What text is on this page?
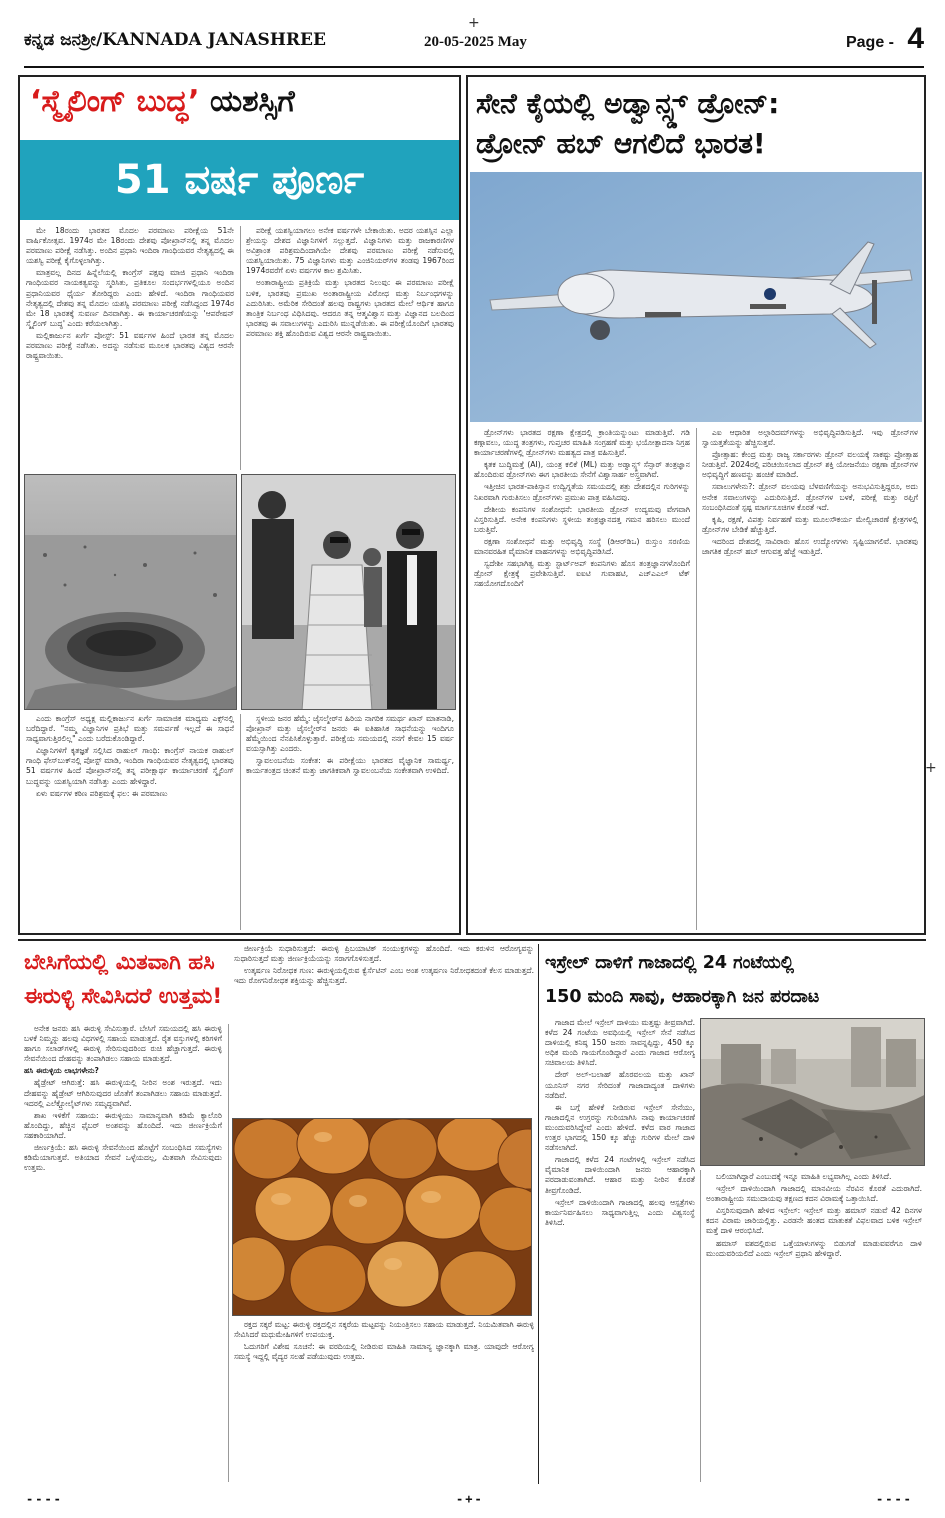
+
+
ಕನ್ನಡ ಜನಶ್ರೀ/KANNADA JANASHREE	20-05-2025 May	Page - 4
‘ಸ್ಮೈಲಿಂಗ್ ಬುದ್ಧ’ ಯಶಸ್ಸಿಗೆ
51 ವರ್ಷ ಪೂರ್ಣ

ಮೇ 18ರಂದು ಭಾರತದ ಮೊದಲ ಪರಮಾಣು ಪರೀಕ್ಷೆಯ 51ನೇ ವಾರ್ಷಿಕೋತ್ಸವ. 1974ರ ಮೇ 18ರಂದು ದೇಶವು ಪೋಖ್ರಾನ್‌ನಲ್ಲಿ ತನ್ನ ಮೊದಲ ಪರಮಾಣು ಪರೀಕ್ಷೆ ನಡೆಸಿತ್ತು. ಅಂದಿನ ಪ್ರಧಾನಿ ಇಂದಿರಾ ಗಾಂಧಿಯವರ ನೇತೃತ್ವದಲ್ಲಿ ಈ ಯಶಸ್ವಿ ಪರೀಕ್ಷೆ ಕೈಗೊಳ್ಳಲಾಗಿತ್ತು.

ಮಾತ್ರವಲ್ಲ ದಿನದ ಹಿನ್ನೆಲೆಯಲ್ಲಿ ಕಾಂಗ್ರೆಸ್ ಪಕ್ಷವು ಮಾಜಿ ಪ್ರಧಾನಿ ಇಂದಿರಾ ಗಾಂಧಿಯವರ ನಾಯಕತ್ವವನ್ನು ಸ್ಮರಿಸಿತು, ಪ್ರತಿಕೂಲ ಸಂದರ್ಭಗಳಲ್ಲಿಯೂ ಅಂದಿನ ಪ್ರಧಾನಿಯವರ ಧೈರ್ಯ ತೋರಿದ್ದರು ಎಂದು ಹೇಳಿದೆ. ಇಂದಿರಾ ಗಾಂಧಿಯವರ ನೇತೃತ್ವದಲ್ಲಿ ದೇಶವು ತನ್ನ ಮೊದಲ ಯಶಸ್ವಿ ಪರಮಾಣು ಪರೀಕ್ಷೆ ನಡೆಸಿದ್ದಂದ 1974ರ ಮೇ 18 ಭಾರತಕ್ಕೆ ಸುವರ್ಣ ದಿನವಾಗಿತ್ತು. ಈ ಕಾರ್ಯಾಚರಣೆಯನ್ನು 'ಆಪರೇಷನ್ ಸ್ಮೈಲಿಂಗ್ ಬುದ್ಧ' ಎಂದು ಕರೆಯಲಾಗಿತ್ತು.

ಮಲ್ಲಿಕಾರ್ಜುನ ಖರ್ಗೆ ಪೋಸ್ಟ್: 51 ವರ್ಷಗಳ ಹಿಂದೆ ಭಾರತ ತನ್ನ ಮೊದಲ ಪರಮಾಣು ಪರೀಕ್ಷೆ ನಡೆಸಿತು. ಅದನ್ನು ನಡೆಸುವ ಮೂಲಕ ಭಾರತವು ವಿಶ್ವದ ಆರನೇ ರಾಷ್ಟ್ರವಾಯಿತು.

ಪರೀಕ್ಷೆ ಯಶಸ್ವಿಯಾಗಲು ಅನೇಕ ವರ್ಷಗಳೇ ಬೇಕಾಯಿತು. ಅದರ ಯಶಸ್ಸಿನ ಎಲ್ಲಾ ಶ್ರೇಯಸ್ಸು ದೇಶದ ವಿಜ್ಞಾನಿಗಳಿಗೆ ಸಲ್ಲುತ್ತದೆ. ವಿಜ್ಞಾನಿಗಳು ಮತ್ತು ರಾಜಕಾರಣಿಗಳ ಅವಿಶ್ರಾಂತ ಪರಿಶ್ರಮದಿಂದಾಗಿಯೇ ದೇಶವು ಪರಮಾಣು ಪರೀಕ್ಷೆ ನಡೆಸುವಲ್ಲಿ ಯಶಸ್ವಿಯಾಯಿತು. 75 ವಿಜ್ಞಾನಿಗಳು ಮತ್ತು ಎಂಜಿನಿಯರ್‌ಗಳ ತಂಡವು 1967ರಿಂದ 1974ರವರೆಗೆ ಏಳು ವರ್ಷಗಳ ಕಾಲ ಶ್ರಮಿಸಿತು.

ಅಂತಾರಾಷ್ಟ್ರೀಯ ಪ್ರತಿಕ್ರಿಯೆ ಮತ್ತು ಭಾರತದ ನಿಲುವು: ಈ ಪರಮಾಣು ಪರೀಕ್ಷೆ ಬಳಿಕ, ಭಾರತವು ಪ್ರಮುಖ ಅಂತಾರಾಷ್ಟ್ರೀಯ ವಿರೋಧ ಮತ್ತು ನಿರ್ಬಂಧಗಳನ್ನು ಎದುರಿಸಿತು. ಅಮೆರಿಕ ಸೇರಿದಂತೆ ಹಲವು ರಾಷ್ಟ್ರಗಳು ಭಾರತದ ಮೇಲೆ ಆರ್ಥಿಕ ಹಾಗೂ ತಾಂತ್ರಿಕ ನಿರ್ಬಂಧ ವಿಧಿಸಿದವು. ಆದರೂ ತನ್ನ ಆತ್ಮವಿಶ್ವಾಸ ಮತ್ತು ವಿಜ್ಞಾನದ ಬಲದಿಂದ ಭಾರತವು ಈ ಸವಾಲುಗಳನ್ನು ಎದುರಿಸಿ ಮುನ್ನಡೆಯಿತು. ಈ ಪರೀಕ್ಷೆಯೊಂದಿಗೆ ಭಾರತವು ಪರಮಾಣು ಶಕ್ತಿ ಹೊಂದಿರುವ ವಿಶ್ವದ ಆರನೇ ರಾಷ್ಟ್ರವಾಯಿತು.

ಎಂದು ಕಾಂಗ್ರೆಸ್ ಅಧ್ಯಕ್ಷ ಮಲ್ಲಿಕಾರ್ಜುನ ಖರ್ಗೆ ಸಾಮಾಜಿಕ ಮಾಧ್ಯಮ ಎಕ್ಸ್‌ನಲ್ಲಿ ಬರೆದಿದ್ದಾರೆ. "ನಮ್ಮ ವಿಜ್ಞಾನಿಗಳ ಪ್ರತಿಭೆ ಮತ್ತು ಸಮರ್ಪಣೆ ಇಲ್ಲದೆ ಈ ಸಾಧನೆ ಸಾಧ್ಯವಾಗುತ್ತಿರಲಿಲ್ಲ" ಎಂದು ಬರೆದುಕೊಂಡಿದ್ದಾರೆ.

ವಿಜ್ಞಾನಿಗಳಿಗೆ ಕೃತಜ್ಞತೆ ಸಲ್ಲಿಸಿದ ರಾಹುಲ್ ಗಾಂಧಿ: ಕಾಂಗ್ರೆಸ್ ನಾಯಕ ರಾಹುಲ್ ಗಾಂಧಿ ಫೇಸ್‌ಬುಕ್‌ನಲ್ಲಿ ಪೋಸ್ಟ್ ಮಾಡಿ, ಇಂದಿರಾ ಗಾಂಧಿಯವರ ನೇತೃತ್ವದಲ್ಲಿ ಭಾರತವು 51 ವರ್ಷಗಳ ಹಿಂದೆ ಪೋಖ್ರಾನ್‌ನಲ್ಲಿ ತನ್ನ ಪರೀಕ್ಷಾರ್ಥ ಕಾರ್ಯಾಚರಣೆ ಸ್ಮೈಲಿಂಗ್ ಬುದ್ಧವನ್ನು ಯಶಸ್ವಿಯಾಗಿ ನಡೆಸಿತ್ತು ಎಂದು ಹೇಳಿದ್ದಾರೆ.

ಏಳು ವರ್ಷಗಳ ಕಠಿಣ ಪರಿಶ್ರಮಕ್ಕೆ ಫಲ: ಈ ಪರಮಾಣು

ಸ್ಥಳೀಯ ಜನರ ಹೆಮ್ಮೆ: ಜೈಸಲ್ಮೇರ್‌ನ ಹಿರಿಯ ನಾಗರಿಕ ಸಮರ್ಥ ಖಾನ್ ಮಾತನಾಡಿ, ಪೋಖ್ರಾನ್ ಮತ್ತು ಜೈಸಲ್ಮೇರ್‌ನ ಜನರು ಈ ಐತಿಹಾಸಿಕ ಸಾಧನೆಯನ್ನು ಇಂದಿಗೂ ಹೆಮ್ಮೆಯಿಂದ ನೆನಪಿಸಿಕೊಳ್ಳುತ್ತಾರೆ. ಪರೀಕ್ಷೆಯ ಸಮಯದಲ್ಲಿ ನನಗೆ ಕೇವಲ 15 ವರ್ಷ ವಯಸ್ಸಾಗಿತ್ತು ಎಂದರು.

ಸ್ವಾವಲಂಬನೆಯ ಸಂಕೇತ: ಈ ಪರೀಕ್ಷೆಯು ಭಾರತದ ವೈಜ್ಞಾನಿಕ ಸಾಮರ್ಥ್ಯ, ಕಾರ್ಯತಂತ್ರದ ಚಿಂತನೆ ಮತ್ತು ಜಾಗತಿಕವಾಗಿ ಸ್ವಾವಲಂಬನೆಯ ಸಂಕೇತವಾಗಿ ಉಳಿದಿದೆ.

ಸೇನೆ ಕೈಯಲ್ಲಿ ಅಡ್ವಾನ್ಸ್ಡ್ ಡ್ರೋನ್:
ಡ್ರೋನ್ ಹಬ್ ಆಗಲಿದೆ ಭಾರತ!

ಡ್ರೋನ್‌ಗಳು ಭಾರತದ ರಕ್ಷಣಾ ಕ್ಷೇತ್ರದಲ್ಲಿ ಕ್ರಾಂತಿಯನ್ನುಂಟು ಮಾಡುತ್ತಿವೆ. ಗಡಿ ಕಣ್ಗಾವಲು, ಯುದ್ಧ ತಂತ್ರಗಳು, ಗುಪ್ತಚರ ಮಾಹಿತಿ ಸಂಗ್ರಹಣೆ ಮತ್ತು ಭಯೋತ್ಪಾದನಾ ನಿಗ್ರಹ ಕಾರ್ಯಾಚರಣೆಗಳಲ್ಲಿ ಡ್ರೋನ್‌ಗಳು ಮಹತ್ವದ ಪಾತ್ರ ವಹಿಸುತ್ತಿವೆ.

ಕೃತಕ ಬುದ್ಧಿಮತ್ತೆ (AI), ಯಂತ್ರ ಕಲಿಕೆ (ML) ಮತ್ತು ಅಡ್ವಾನ್ಸ್ಡ್ ಸೆನ್ಸಾರ್ ತಂತ್ರಜ್ಞಾನ ಹೊಂದಿರುವ ಡ್ರೋನ್‌ಗಳು ಈಗ ಭಾರತೀಯ ಸೇನೆಗೆ ವಿಶ್ವಾಸಾರ್ಹ ಅಸ್ತ್ರವಾಗಿವೆ.

ಇತ್ತೀಚಿನ ಭಾರತ-ಪಾಕಿಸ್ತಾನ ಉದ್ವಿಗ್ನತೆಯ ಸಮಯದಲ್ಲಿ ಶತ್ರು ದೇಶದಲ್ಲಿನ ಗುರಿಗಳನ್ನು ನಿಖರವಾಗಿ ಗುರುತಿಸಲು ಡ್ರೋನ್‌ಗಳು ಪ್ರಮುಖ ಪಾತ್ರ ವಹಿಸಿದವು.

ದೇಶೀಯ ಕಂಪನಿಗಳ ಸಂಶೋಧನೆ: ಭಾರತೀಯ ಡ್ರೋನ್ ಉದ್ಯಮವು ವೇಗವಾಗಿ ವಿಸ್ತರಿಸುತ್ತಿದೆ. ಅನೇಕ ಕಂಪನಿಗಳು ಸ್ಥಳೀಯ ತಂತ್ರಜ್ಞಾನದತ್ತ ಗಮನ ಹರಿಸಲು ಮುಂದೆ ಬರುತ್ತಿವೆ.

ರಕ್ಷಣಾ ಸಂಶೋಧನೆ ಮತ್ತು ಅಭಿವೃದ್ಧಿ ಸಂಸ್ಥೆ (ಡಿಆರ್‌ಡಿಒ) ರುಸ್ತುಂ ಸರಣಿಯ ಮಾನವರಹಿತ ವೈಮಾನಿಕ ವಾಹನಗಳನ್ನು ಅಭಿವೃದ್ಧಿಪಡಿಸಿದೆ.

ಸ್ವದೇಶೀ ಸಹಭಾಗಿತ್ವ ಮತ್ತು ಸ್ಟಾರ್ಟ್‌ಅಪ್ ಕಂಪನಿಗಳು ಹೊಸ ತಂತ್ರಜ್ಞಾನಗಳೊಂದಿಗೆ ಡ್ರೋನ್ ಕ್ಷೇತ್ರಕ್ಕೆ ಪ್ರವೇಶಿಸುತ್ತಿವೆ. ಐಐಟಿ ಗುವಾಹಟಿ, ಎಚ್‌ಎಎಲ್ ಟೆಕ್ ಸಹಯೋಗದೊಂದಿಗೆ

ಎಐ ಆಧಾರಿತ ಅಲ್ಗಾರಿದಮ್‌ಗಳನ್ನು ಅಭಿವೃದ್ಧಿಪಡಿಸುತ್ತಿದೆ. ಇವು ಡ್ರೋನ್‌ಗಳ ಸ್ವಾಯತ್ತತೆಯನ್ನು ಹೆಚ್ಚಿಸುತ್ತವೆ.

ಪ್ರೋತ್ಸಾಹ: ಕೇಂದ್ರ ಮತ್ತು ರಾಜ್ಯ ಸರ್ಕಾರಗಳು ಡ್ರೋನ್ ವಲಯಕ್ಕೆ ಸಾಕಷ್ಟು ಪ್ರೋತ್ಸಾಹ ನೀಡುತ್ತಿವೆ. 2024ರಲ್ಲಿ ಪರಿಚಯಿಸಲಾದ ಡ್ರೋನ್ ಶಕ್ತಿ ಯೋಜನೆಯು ರಕ್ಷಣಾ ಡ್ರೋನ್‌ಗಳ ಅಭಿವೃದ್ಧಿಗೆ ಹಣವನ್ನು ಹಂಚಿಕೆ ಮಾಡಿದೆ.

ಸವಾಲುಗಳೇನು?: ಡ್ರೋನ್ ವಲಯವು ಬೆಳವಣಿಗೆಯನ್ನು ಅನುಭವಿಸುತ್ತಿದ್ದರೂ, ಅದು ಅನೇಕ ಸವಾಲುಗಳನ್ನು ಎದುರಿಸುತ್ತಿದೆ. ಡ್ರೋನ್‌ಗಳ ಬಳಕೆ, ಪರೀಕ್ಷೆ ಮತ್ತು ರಫ್ತಿಗೆ ಸಂಬಂಧಿಸಿದಂತೆ ಸ್ಪಷ್ಟ ಮಾರ್ಗಸೂಚಿಗಳ ಕೊರತೆ ಇದೆ.

ಕೃಷಿ, ರಕ್ಷಣೆ, ವಿಪತ್ತು ನಿರ್ವಹಣೆ ಮತ್ತು ಮೂಲಸೌಕರ್ಯ ಮೇಲ್ವಿಚಾರಣೆ ಕ್ಷೇತ್ರಗಳಲ್ಲಿ ಡ್ರೋನ್‌ಗಳ ಬೇಡಿಕೆ ಹೆಚ್ಚುತ್ತಿದೆ.

ಇದರಿಂದ ದೇಶದಲ್ಲಿ ಸಾವಿರಾರು ಹೊಸ ಉದ್ಯೋಗಗಳು ಸೃಷ್ಟಿಯಾಗಲಿವೆ. ಭಾರತವು ಜಾಗತಿಕ ಡ್ರೋನ್ ಹಬ್ ಆಗುವತ್ತ ಹೆಜ್ಜೆ ಇಡುತ್ತಿದೆ.

ಬೇಸಿಗೆಯಲ್ಲಿ ಮಿತವಾಗಿ ಹಸಿ
ಈರುಳ್ಳಿ ಸೇವಿಸಿದರೆ ಉತ್ತಮ!

ಅನೇಕ ಜನರು ಹಸಿ ಈರುಳ್ಳಿ ಸೇವಿಸುತ್ತಾರೆ. ಬೇಸಿಗೆ ಸಮಯದಲ್ಲಿ ಹಸಿ ಈರುಳ್ಳಿ ಬಳಕೆ ನಿಮ್ಮನ್ನು ಹಲವು ವಿಧಗಳಲ್ಲಿ ಸಹಾಯ ಮಾಡುತ್ತದೆ. ರೈತ ವಸ್ತುಗಳಲ್ಲಿ ಕರಿಗಳಿಗೆ ಹಾಗೂ ಸಲಾಡ್‌ಗಳಲ್ಲಿ ಈರುಳ್ಳಿ ಸೇರಿಸುವುದರಿಂದ ರುಚಿ ಹೆಚ್ಚಾಗುತ್ತದೆ. ಈರುಳ್ಳಿ ಸೇವನೆಯಿಂದ ದೇಹವನ್ನು ತಂಪಾಗಿಡಲು ಸಹಾಯ ಮಾಡುತ್ತದೆ.

ಹಸಿ ಈರುಳ್ಳಿಯ ಲಾಭಗಳೇನು?

ಹೈಡ್ರೇಟ್ ಆಗಿರುತ್ತೆ: ಹಸಿ ಈರುಳ್ಳಿಯಲ್ಲಿ ನೀರಿನ ಅಂಶ ಇರುತ್ತದೆ. ಇದು ದೇಹವನ್ನು ಹೈಡ್ರೇಟ್ ಆಗಿರಿಸುವುದರ ಜೊತೆಗೆ ತಂಪಾಗಿಡಲು ಸಹಾಯ ಮಾಡುತ್ತದೆ. ಇದರಲ್ಲಿ ಎಲೆಕ್ಟ್ರೋಲೈಟ್‌ಗಳು ಸಮೃದ್ಧವಾಗಿವೆ.

ಶಾಖ ಇಳಿಕೆಗೆ ಸಹಾಯ: ಈರುಳ್ಳಿಯು ಸಾಮಾನ್ಯವಾಗಿ ಕಡಿಮೆ ಕ್ಯಾಲೊರಿ ಹೊಂದಿದ್ದು, ಹೆಚ್ಚಿನ ಫೈಬರ್ ಅಂಶವನ್ನು ಹೊಂದಿದೆ. ಇದು ಜೀರ್ಣಕ್ರಿಯೆಗೆ ಸಹಕಾರಿಯಾಗಿದೆ.

ಜೀರ್ಣಕ್ರಿಯೆ: ಹಸಿ ಈರುಳ್ಳಿ ಸೇವನೆಯಿಂದ ಹೊಟ್ಟೆಗೆ ಸಂಬಂಧಿಸಿದ ಸಮಸ್ಯೆಗಳು ಕಡಿಮೆಯಾಗುತ್ತವೆ. ಅತಿಯಾದ ಸೇವನೆ ಒಳ್ಳೆಯದಲ್ಲ, ಮಿತವಾಗಿ ಸೇವಿಸುವುದು ಉತ್ತಮ.

ಜೀರ್ಣಕ್ರಿಯೆ ಸುಧಾರಿಸುತ್ತದೆ: ಈರುಳ್ಳಿ ಪ್ರಿಬಯಾಟಿಕ್ ಸಂಯುಕ್ತಗಳನ್ನು ಹೊಂದಿದೆ. ಇದು ಕರುಳಿನ ಆರೋಗ್ಯವನ್ನು ಸುಧಾರಿಸುತ್ತದೆ ಮತ್ತು ಜೀರ್ಣಕ್ರಿಯೆಯನ್ನು ಸರಾಗಗೊಳಿಸುತ್ತದೆ.

ಉತ್ಕರ್ಷಣ ನಿರೋಧಕ ಗುಣ: ಈರುಳ್ಳಿಯಲ್ಲಿರುವ ಕ್ವೆರ್ಸೆಟಿನ್ ಎಂಬ ಅಂಶ ಉತ್ಕರ್ಷಣ ನಿರೋಧಕದಂತೆ ಕೆಲಸ ಮಾಡುತ್ತದೆ. ಇದು ರೋಗನಿರೋಧಕ ಶಕ್ತಿಯನ್ನು ಹೆಚ್ಚಿಸುತ್ತದೆ.

ರಕ್ತದ ಸಕ್ಕರೆ ಮಟ್ಟ: ಈರುಳ್ಳಿ ರಕ್ತದಲ್ಲಿನ ಸಕ್ಕರೆಯ ಮಟ್ಟವನ್ನು ನಿಯಂತ್ರಿಸಲು ಸಹಾಯ ಮಾಡುತ್ತದೆ. ನಿಯಮಿತವಾಗಿ ಈರುಳ್ಳಿ ಸೇವಿಸಿದರೆ ಮಧುಮೇಹಿಗಳಿಗೆ ಉಪಯುಕ್ತ.

ಓದುಗರಿಗೆ ವಿಶೇಷ ಸೂಚನೆ: ಈ ವರದಿಯಲ್ಲಿ ನೀಡಿರುವ ಮಾಹಿತಿ ಸಾಮಾನ್ಯ ಜ್ಞಾನಕ್ಕಾಗಿ ಮಾತ್ರ. ಯಾವುದೇ ಆರೋಗ್ಯ ಸಮಸ್ಯೆ ಇದ್ದಲ್ಲಿ ವೈದ್ಯರ ಸಲಹೆ ಪಡೆಯುವುದು ಉತ್ತಮ.

ಇಸ್ರೇಲ್ ದಾಳಿಗೆ ಗಾಜಾದಲ್ಲಿ 24 ಗಂಟೆಯಲ್ಲಿ
150 ಮಂದಿ ಸಾವು, ಆಹಾರಕ್ಕಾಗಿ ಜನ ಪರದಾಟ

ಗಾಜಾದ ಮೇಲೆ ಇಸ್ರೇಲ್ ದಾಳಿಯು ಮತ್ತಷ್ಟು ತೀವ್ರವಾಗಿದೆ. ಕಳೆದ 24 ಗಂಟೆಯ ಅವಧಿಯಲ್ಲಿ ಇಸ್ರೇಲ್ ಸೇನೆ ನಡೆಸಿದ ದಾಳಿಯಲ್ಲಿ ಕನಿಷ್ಠ 150 ಜನರು ಸಾವನ್ನಪ್ಪಿದ್ದು, 450 ಕ್ಕೂ ಅಧಿಕ ಮಂದಿ ಗಾಯಗೊಂಡಿದ್ದಾರೆ ಎಂದು ಗಾಜಾದ ಆರೋಗ್ಯ ಸಚಿವಾಲಯ ತಿಳಿಸಿದೆ.

ದೇರ್ ಅಲ್-ಬಲಾಹ್ ಹೊರವಲಯ ಮತ್ತು ಖಾನ್ ಯೂನಿಸ್ ನಗರ ಸೇರಿದಂತೆ ಗಾಜಾದಾದ್ಯಂತ ದಾಳಿಗಳು ನಡೆದಿವೆ.

ಈ ಬಗ್ಗೆ ಹೇಳಿಕೆ ನೀಡಿರುವ ಇಸ್ರೇಲ್ ಸೇನೆಯು, ಗಾಜಾದಲ್ಲಿನ ಉಗ್ರರನ್ನು ಗುರಿಯಾಗಿಸಿ ನಾವು ಕಾರ್ಯಾಚರಣೆ ಮುಂದುವರಿಸಿದ್ದೇವೆ ಎಂದು ಹೇಳಿದೆ. ಕಳೆದ ವಾರ ಗಾಜಾದ ಉತ್ತರ ಭಾಗದಲ್ಲಿ 150 ಕ್ಕೂ ಹೆಚ್ಚು ಗುರಿಗಳ ಮೇಲೆ ದಾಳಿ ನಡೆಸಲಾಗಿದೆ.

ಗಾಜಾದಲ್ಲಿ ಕಳೆದ 24 ಗಂಟೆಗಳಲ್ಲಿ ಇಸ್ರೇಲ್ ನಡೆಸಿದ ವೈಮಾನಿಕ ದಾಳಿಯಿಂದಾಗಿ ಜನರು ಆಹಾರಕ್ಕಾಗಿ ಪರದಾಡುವಂತಾಗಿದೆ. ಆಹಾರ ಮತ್ತು ನೀರಿನ ಕೊರತೆ ತೀವ್ರಗೊಂಡಿದೆ.

ಇಸ್ರೇಲ್ ದಾಳಿಯಿಂದಾಗಿ ಗಾಜಾದಲ್ಲಿ ಹಲವು ಆಸ್ಪತ್ರೆಗಳು ಕಾರ್ಯನಿರ್ವಹಿಸಲು ಸಾಧ್ಯವಾಗುತ್ತಿಲ್ಲ ಎಂದು ವಿಶ್ವಸಂಸ್ಥೆ ತಿಳಿಸಿದೆ.

ಬಲಿಯಾಗಿದ್ದಾರೆ ಎಂಬುದಕ್ಕೆ ಇನ್ನೂ ಮಾಹಿತಿ ಲಭ್ಯವಾಗಿಲ್ಲ ಎಂದು ತಿಳಿಸಿದೆ.

ಇಸ್ರೇಲ್ ದಾಳಿಯಿಂದಾಗಿ ಗಾಜಾದಲ್ಲಿ ಮಾನವೀಯ ನೆರವಿನ ಕೊರತೆ ಎದುರಾಗಿದೆ. ಅಂತಾರಾಷ್ಟ್ರೀಯ ಸಮುದಾಯವು ತಕ್ಷಣದ ಕದನ ವಿರಾಮಕ್ಕೆ ಒತ್ತಾಯಿಸಿದೆ.

ವಿಸ್ತರಿಸುವುದಾಗಿ ಹೇಳಿದ ಇಸ್ರೇಲ್: ಇಸ್ರೇಲ್ ಮತ್ತು ಹಮಾಸ್ ನಡುವೆ 42 ದಿನಗಳ ಕದನ ವಿರಾಮ ಜಾರಿಯಲ್ಲಿತ್ತು. ಎರಡನೇ ಹಂತದ ಮಾತುಕತೆ ವಿಫಲವಾದ ಬಳಿಕ ಇಸ್ರೇಲ್ ಮತ್ತೆ ದಾಳಿ ಆರಂಭಿಸಿದೆ.

ಹಮಾಸ್ ವಶದಲ್ಲಿರುವ ಒತ್ತೆಯಾಳುಗಳನ್ನು ಬಿಡುಗಡೆ ಮಾಡುವವರೆಗೂ ದಾಳಿ ಮುಂದುವರಿಯಲಿದೆ ಎಂದು ಇಸ್ರೇಲ್ ಪ್ರಧಾನಿ ಹೇಳಿದ್ದಾರೆ.

----	-+-	----
